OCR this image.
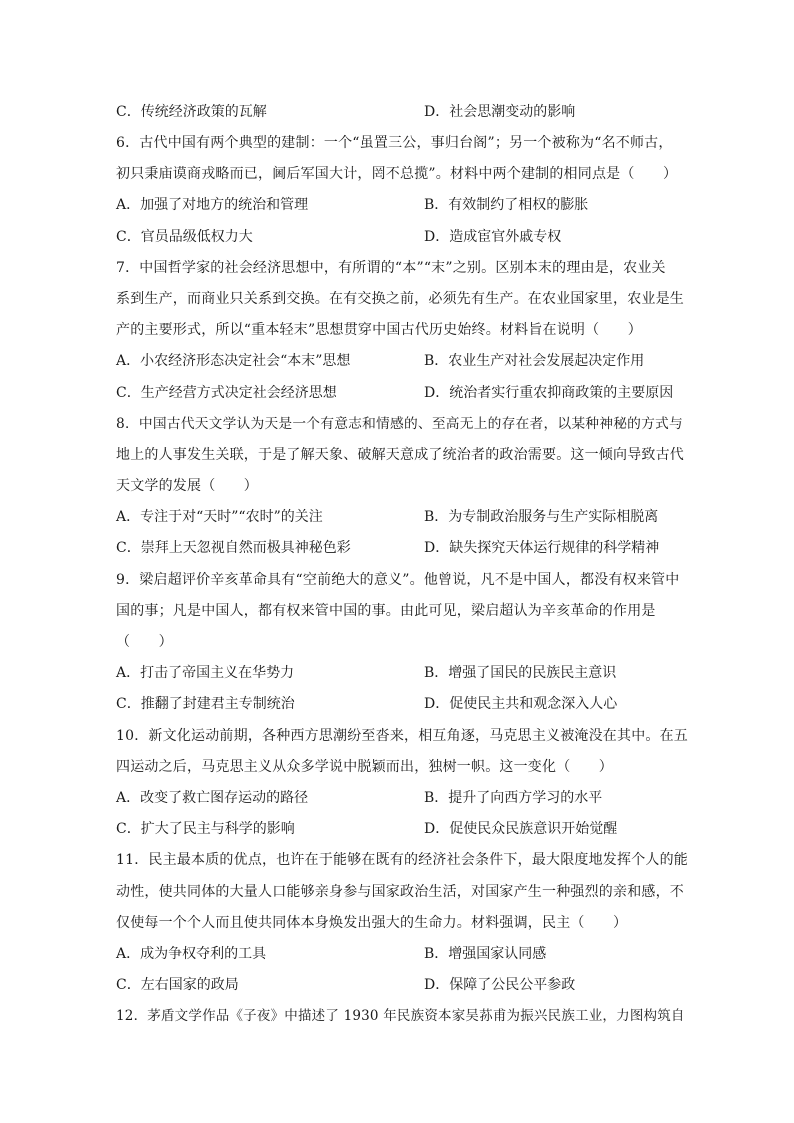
C．传统经济政策的瓦解	D．社会思潮变动的影响
6．古代中国有两个典型的建制：一个“虽置三公，事归台阁”；另一个被称为“名不师古，
初只秉庙谟商戎略而已，阃后军国大计，罔不总揽”。材料中两个建制的相同点是（　　）
A．加强了对地方的统治和管理	B．有效制约了相权的膨胀
C．官员品级低权力大	D．造成宦官外戚专权
7．中国哲学家的社会经济思想中，有所谓的“本”“末”之别。区别本末的理由是，农业关
系到生产，而商业只关系到交换。在有交换之前，必须先有生产。在农业国家里，农业是生
产的主要形式，所以“重本轻末”思想贯穿中国古代历史始终。材料旨在说明（　　）
A．小农经济形态决定社会“本末”思想	B．农业生产对社会发展起决定作用
C．生产经营方式决定社会经济思想	D．统治者实行重农抑商政策的主要原因
8．中国古代天文学认为天是一个有意志和情感的、至高无上的存在者，以某种神秘的方式与
地上的人事发生关联，于是了解天象、破解天意成了统治者的政治需要。这一倾向导致古代
天文学的发展（　　）
A．专注于对“天时”“农时”的关注	B．为专制政治服务与生产实际相脱离
C．崇拜上天忽视自然而极具神秘色彩	D．缺失探究天体运行规律的科学精神
9．梁启超评价辛亥革命具有“空前绝大的意义”。他曾说，凡不是中国人，都没有权来管中
国的事；凡是中国人，都有权来管中国的事。由此可见，梁启超认为辛亥革命的作用是
（　　）
A．打击了帝国主义在华势力	B．增强了国民的民族民主意识
C．推翻了封建君主专制统治	D．促使民主共和观念深入人心
10．新文化运动前期，各种西方思潮纷至沓来，相互角逐，马克思主义被淹没在其中。在五
四运动之后，马克思主义从众多学说中脱颖而出，独树一帜。这一变化（　　）
A．改变了救亡图存运动的路径	B．提升了向西方学习的水平
C．扩大了民主与科学的影响	D．促使民众民族意识开始觉醒
11．民主最本质的优点，也许在于能够在既有的经济社会条件下，最大限度地发挥个人的能
动性，使共同体的大量人口能够亲身参与国家政治生活，对国家产生一种强烈的亲和感，不
仅使每一个个人而且使共同体本身焕发出强大的生命力。材料强调，民主（　　）
A．成为争权夺利的工具	B．增强国家认同感
C．左右国家的政局	D．保障了公民公平参政
12．茅盾文学作品《子夜》中描述了 1930 年民族资本家吴荪甫为振兴民族工业，力图构筑自
